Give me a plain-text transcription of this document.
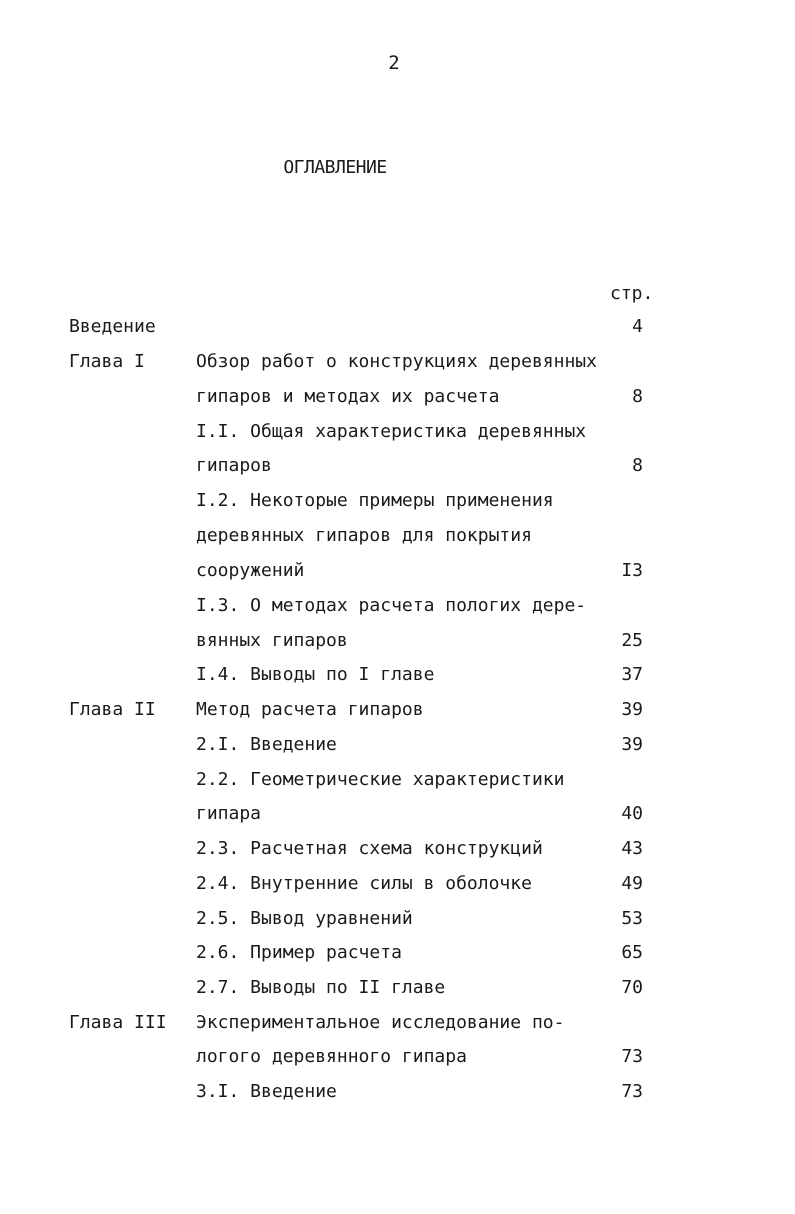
2
ОГЛАВЛЕНИЕ
стр.
Введение	4
Глава I	Обзор работ о конструкциях деревянных
гипаров и методах их расчета	8
I.I. Общая характеристика деревянных
гипаров	8
I.2. Некоторые примеры применения
деревянных гипаров для покрытия
сооружений	I3
I.3. О методах расчета пологих дере-
вянных гипаров	25
I.4. Выводы по I главе	37
Глава II Метод расчета гипаров	39
2.I. Введение	39
2.2. Геометрические характеристики
гипара	40
2.3. Расчетная схема конструкций	43
2.4. Внутренние силы в оболочке	49
2.5. Вывод уравнений	53
2.6. Пример расчета	65
2.7. Выводы по II главе	70
Глава III Экспериментальное исследование по-
логого деревянного гипара	73
3.I. Введение	73
